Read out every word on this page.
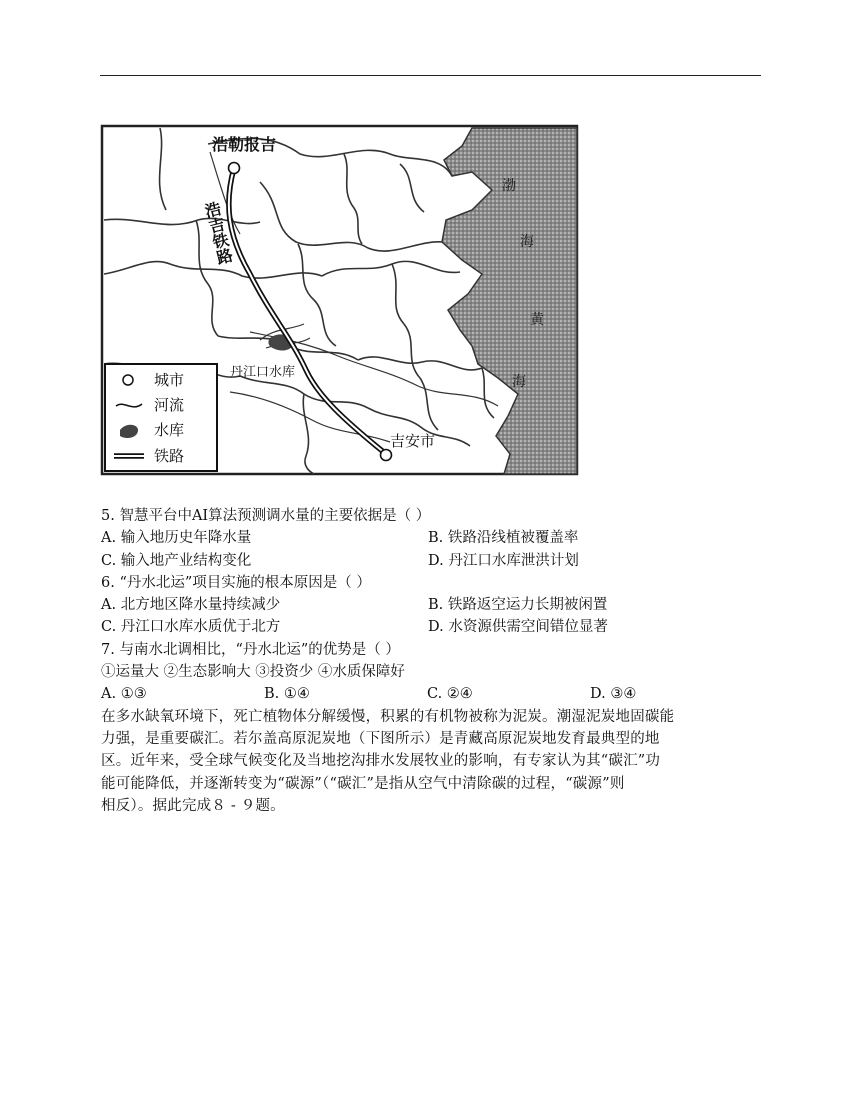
浩勒报吉
吉安市
丹江口水库
浩吉铁路
渤
海
黄
海
城市
河流
水库
铁路
5. 智慧平台中AI算法预测调水量的主要依据是（ ）
A. 输入地历史年降水量	B. 铁路沿线植被覆盖率
C. 输入地产业结构变化	D. 丹江口水库泄洪计划
6. “丹水北运”项目实施的根本原因是（ ）
A. 北方地区降水量持续减少	B. 铁路返空运力长期被闲置
C. 丹江口水库水质优于北方	D. 水资源供需空间错位显著
7. 与南水北调相比，“丹水北运”的优势是（ ）
①运量大 ②生态影响大 ③投资少 ④水质保障好
A. ①③	B. ①④	C. ②④	D. ③④
在多水缺氧环境下，死亡植物体分解缓慢，积累的有机物被称为泥炭。潮湿泥炭地固碳能
力强，是重要碳汇。若尔盖高原泥炭地（下图所示）是青藏高原泥炭地发育最典型的地
区。近年来，受全球气候变化及当地挖沟排水发展牧业的影响，有专家认为其“碳汇”功
能可能降低，并逐渐转变为“碳源”（“碳汇”是指从空气中清除碳的过程，“碳源”则
相反）。据此完成８ - ９题。
